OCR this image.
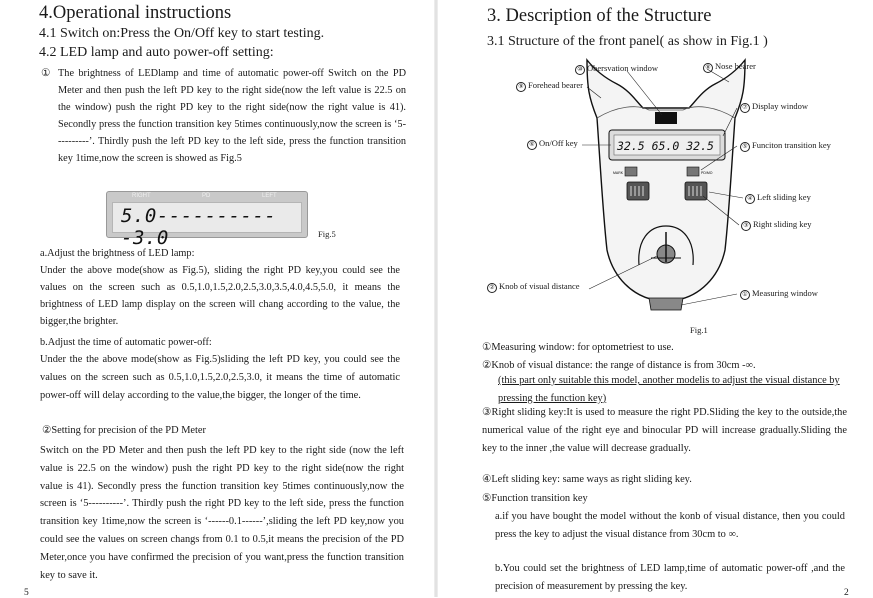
4.Operational instructions
4.1 Switch on:Press the On/Off key to start testing.
4.2 LED lamp and auto power-off setting:
① The brightness of LEDlamp and time of automatic power-off Switch on the PD Meter and then push the left PD key to the right side(now the left value is 22.5 on the window) push the right PD key to the right side(now the right value is 41). Secondly press the function transition key 5times continuously,now the screen is ‘5----------’. Thirdly push the left PD key to the left side, press the function transition key 1time,now the screen is showed as Fig.5
RIGHT	PD	LEFT
5.0-----------3.0	Fig.5
a.Adjust the brightness of LED lamp:
Under the above mode(show as Fig.5), sliding the right PD key,you could see the values on the screen such as 0.5,1.0,1.5,2.0,2.5,3.0,3.5,4.0,4.5,5.0, it means the brightness of LED lamp display on the screen will chang according to the value, the bigger,the brighter.
b.Adjust the time of automatic power-off:
Under the the above mode(show as Fig.5)sliding the left PD key, you could see the values on the screen such as 0.5,1.0,1.5,2.0,2.5,3.0, it means the time of automatic power-off will delay according to the value,the bigger, the longer of the time.
②Setting for precision of the PD Meter
Switch on the PD Meter and then push the left PD key to the right side (now the left value is 22.5 on the window) push the right PD key to the right side(now the right value is 41). Secondly press the function transition key 5times continuously,now the screen is ‘5----------’. Thirdly push the right PD key to the left side, press the function transition key 1time,now the screen is ‘------0.1------’,sliding the left PD key,now you could see the values on screen changs from 0.1 to 0.5,it means the precision of the PD Meter,once you have confirmed the precision of you want,press the function transition key to save it.
5
3. Description of the Structure
3.1 Structure of the front panel( as show in Fig.1 )
32.5 65.0 32.5
MARK	PD/MO
⑩ Obersvation window	⑧ Nose bearer
⑨ Forehead bearer
⑦ Display window
⑥ On/Off key	⑤ Funciton transition key
④ Left sliding key
③ Right sliding key
② Knob of visual distance
① Measuring window
Fig.1
①Measuring window: for optometriest to use.
②Knob of visual distance: the range of distance is from 30cm -∞.
(this part only suitable this model, another modelis to adjust the visual distance by pressing the function key)
③Right sliding key:It is used to measure the right PD.Sliding the key to the outside,the numerical value of the right eye and binocular PD will increase gradually.Sliding the key to the inner ,the value will decrease gradually.
④Left sliding key: same ways as right sliding key.
⑤Function transition key
a.if you have bought the model without the konb of visual distance, then you could press the key to adjust the visual distance from 30cm to ∞.
b.You could set the brightness of LED lamp,time of automatic power-off ,and the precision of measurement by pressing the key.
2
